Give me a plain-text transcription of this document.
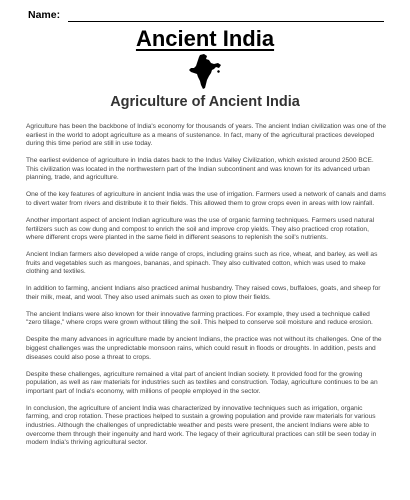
Name:
Ancient India
Agriculture of Ancient India

Agriculture has been the backbone of India's economy for thousands of years. The ancient Indian civilization was one of the earliest in the world to adopt agriculture as a means of sustenance. In fact, many of the agricultural practices developed during this time period are still in use today.

The earliest evidence of agriculture in India dates back to the Indus Valley Civilization, which existed around 2500 BCE. This civilization was located in the northwestern part of the Indian subcontinent and was known for its advanced urban planning, trade, and agriculture.

One of the key features of agriculture in ancient India was the use of irrigation. Farmers used a network of canals and dams to divert water from rivers and distribute it to their fields. This allowed them to grow crops even in areas with low rainfall.

Another important aspect of ancient Indian agriculture was the use of organic farming techniques. Farmers used natural fertilizers such as cow dung and compost to enrich the soil and improve crop yields. They also practiced crop rotation, where different crops were planted in the same field in different seasons to replenish the soil's nutrients.

Ancient Indian farmers also developed a wide range of crops, including grains such as rice, wheat, and barley, as well as fruits and vegetables such as mangoes, bananas, and spinach. They also cultivated cotton, which was used to make clothing and textiles.

In addition to farming, ancient Indians also practiced animal husbandry. They raised cows, buffaloes, goats, and sheep for their milk, meat, and wool. They also used animals such as oxen to plow their fields.

The ancient Indians were also known for their innovative farming practices. For example, they used a technique called "zero tillage," where crops were grown without tilling the soil. This helped to conserve soil moisture and reduce erosion.

Despite the many advances in agriculture made by ancient Indians, the practice was not without its challenges. One of the biggest challenges was the unpredictable monsoon rains, which could result in floods or droughts. In addition, pests and diseases could also pose a threat to crops.

Despite these challenges, agriculture remained a vital part of ancient Indian society. It provided food for the growing population, as well as raw materials for industries such as textiles and construction. Today, agriculture continues to be an important part of India's economy, with millions of people employed in the sector.

In conclusion, the agriculture of ancient India was characterized by innovative techniques such as irrigation, organic farming, and crop rotation. These practices helped to sustain a growing population and provide raw materials for various industries. Although the challenges of unpredictable weather and pests were present, the ancient Indians were able to overcome them through their ingenuity and hard work. The legacy of their agricultural practices can still be seen today in modern India's thriving agricultural sector.
